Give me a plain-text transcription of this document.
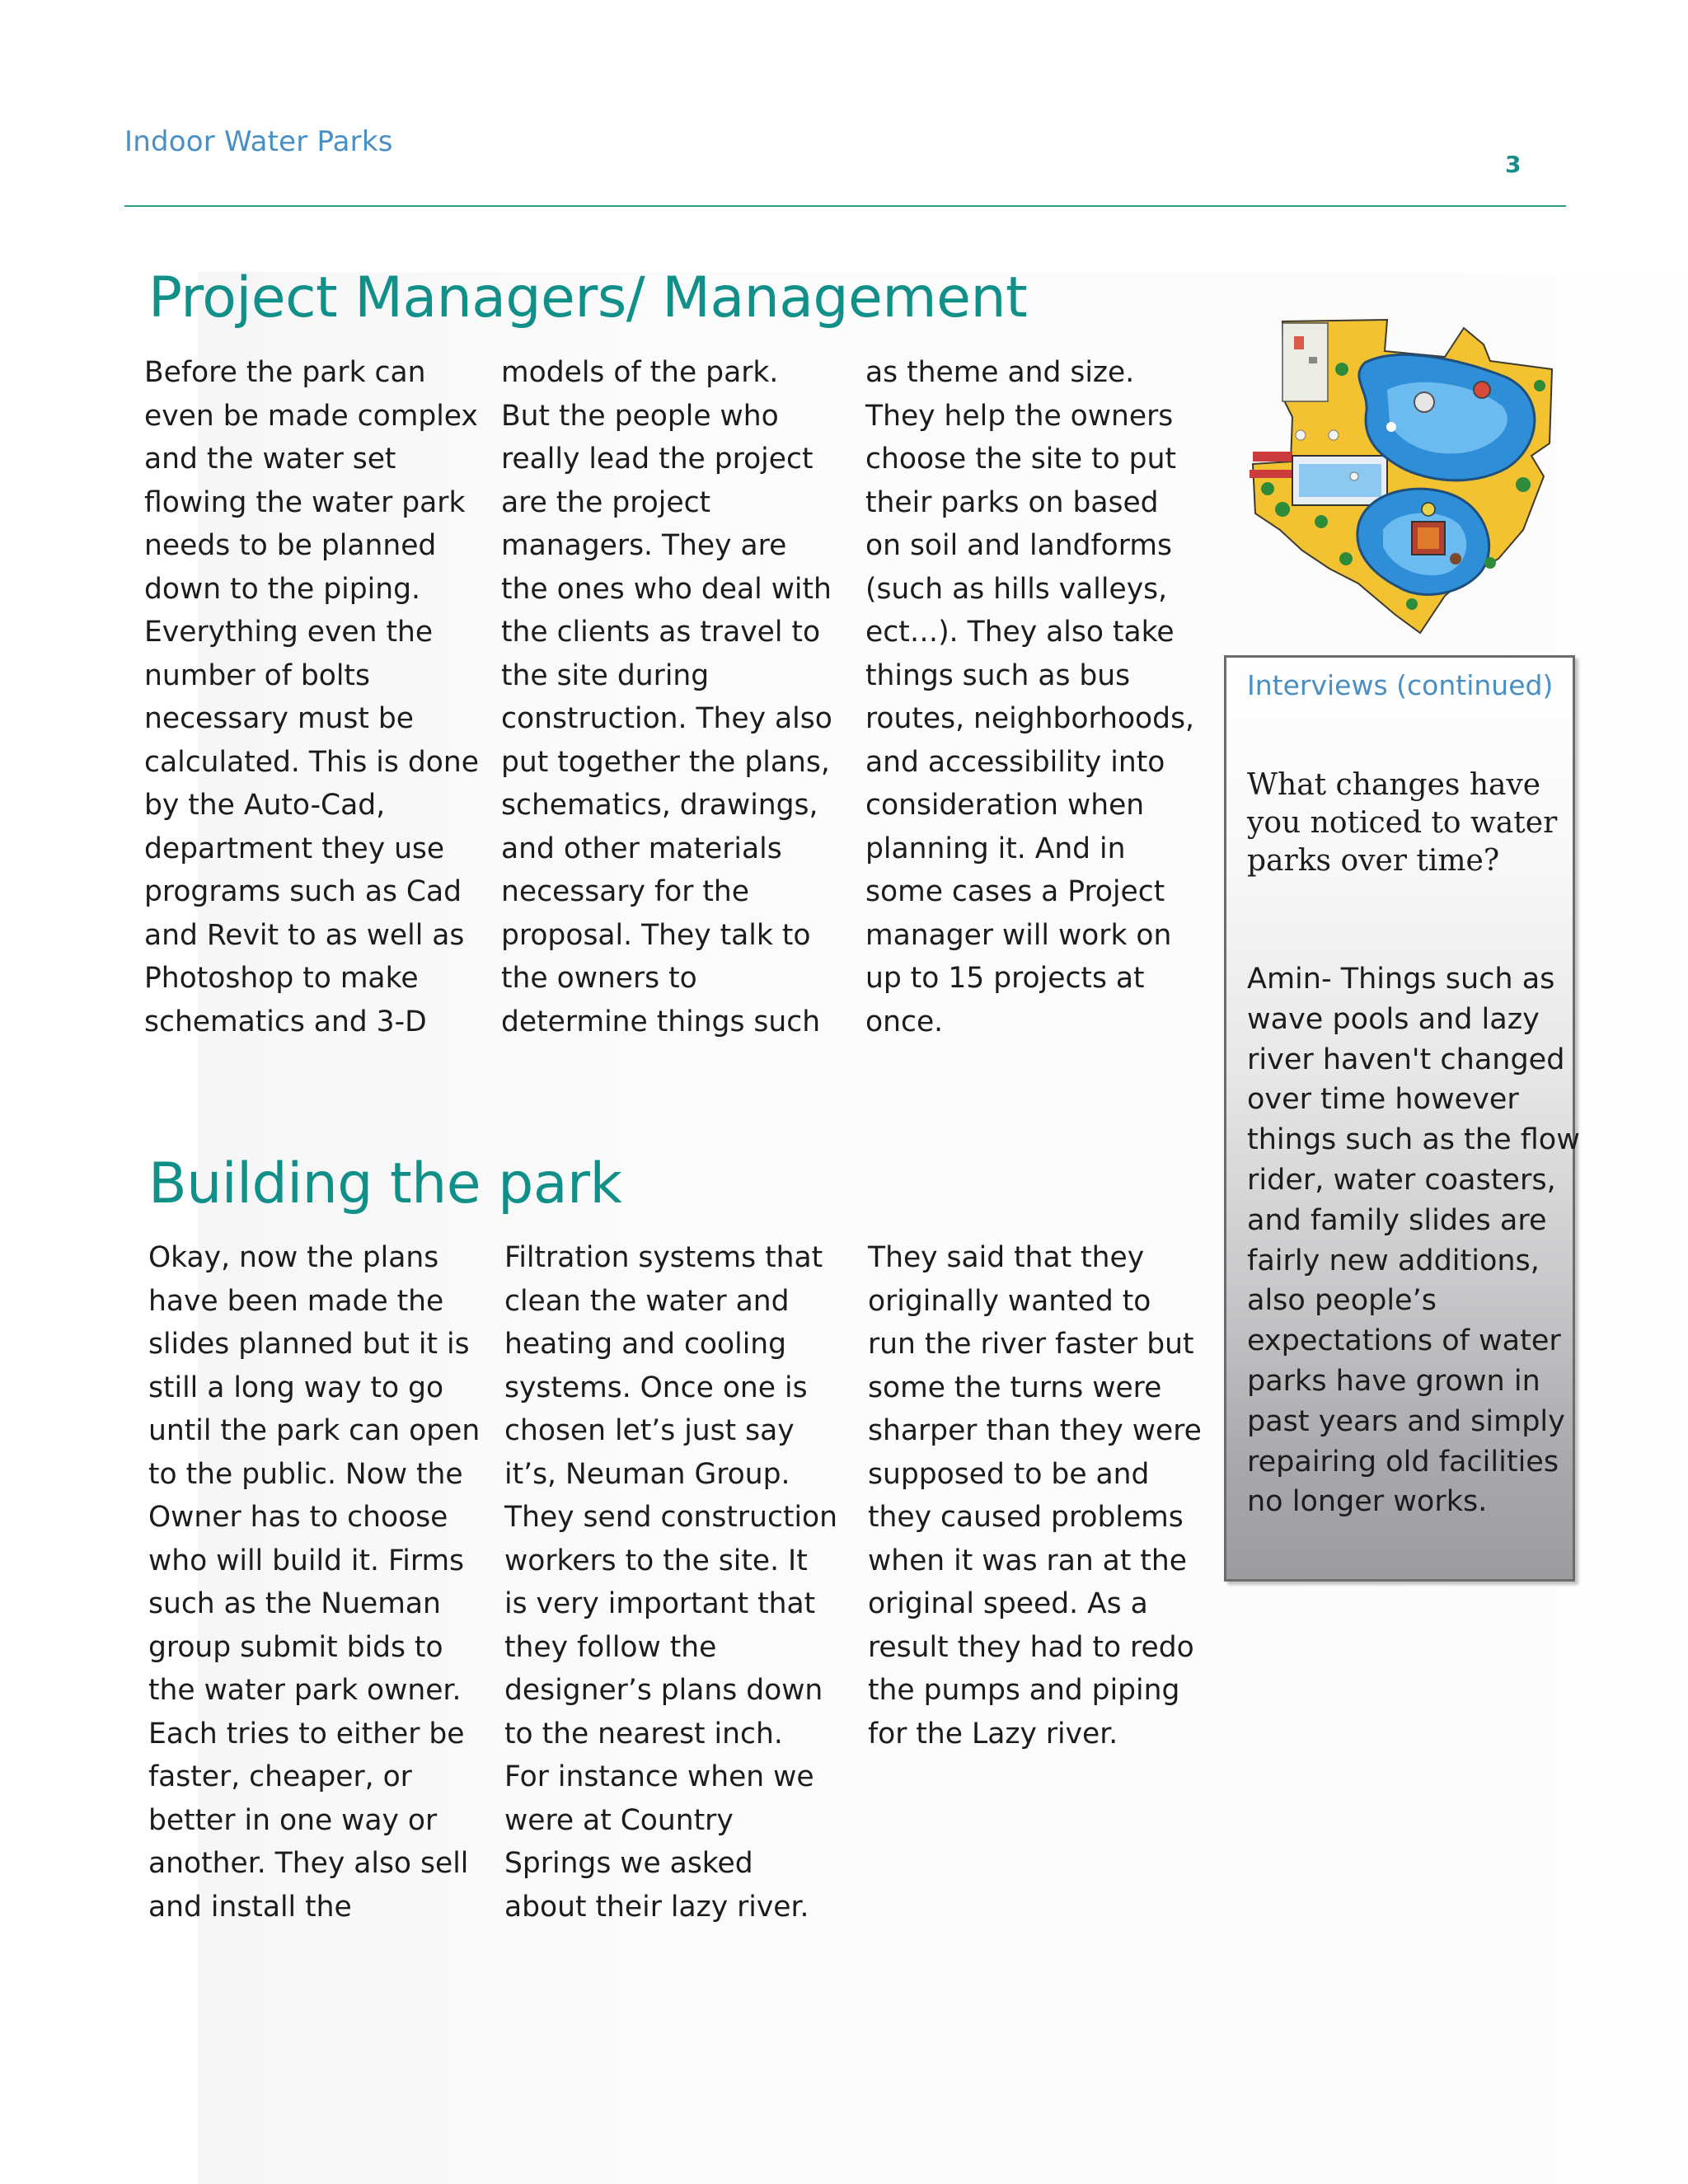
Indoor Water Parks
3
Project Managers/ Management
Before the park can
even be made complex
and the water set
flowing the water park
needs to be planned
down to the piping.
Everything even the
number of bolts
necessary must be
calculated. This is done
by the Auto-Cad,
department they use
programs such as Cad
and Revit to as well as
Photoshop to make
schematics and 3-D
models of the park.
But the people who
really lead the project
are the project
managers. They are
the ones who deal with
the clients as travel to
the site during
construction. They also
put together the plans,
schematics, drawings,
and other materials
necessary for the
proposal. They talk to
the owners to
determine things such
as theme and size.
They help the owners
choose the site to put
their parks on based
on soil and landforms
(such as hills valleys,
ect…). They also take
things such as bus
routes, neighborhoods,
and accessibility into
consideration when
planning it. And in
some cases a Project
manager will work on
up to 15 projects at
once.
Building the park
Okay, now the plans
have been made the
slides planned but it is
still a long way to go
until the park can open
to the public. Now the
Owner has to choose
who will build it. Firms
such as the Nueman
group submit bids to
the water park owner.
Each tries to either be
faster, cheaper, or
better in one way or
another. They also sell
and install the
Filtration systems that
clean the water and
heating and cooling
systems. Once one is
chosen let’s just say
it’s, Neuman Group.
They send construction
workers to the site. It
is very important that
they follow the
designer’s plans down
to the nearest inch.
For instance when we
were at Country
Springs we asked
about their lazy river.
They said that they
originally wanted to
run the river faster but
some the turns were
sharper than they were
supposed to be and
they caused problems
when it was ran at the
original speed. As a
result they had to redo
the pumps and piping
for the Lazy river.
Interviews (continued)
What changes have
you noticed to water
parks over time?
Amin- Things such as
wave pools and lazy
river haven't changed
over time however
things such as the flow
rider, water coasters,
and family slides are
fairly new additions,
also people’s
expectations of water
parks have grown in
past years and simply
repairing old facilities
no longer works.
